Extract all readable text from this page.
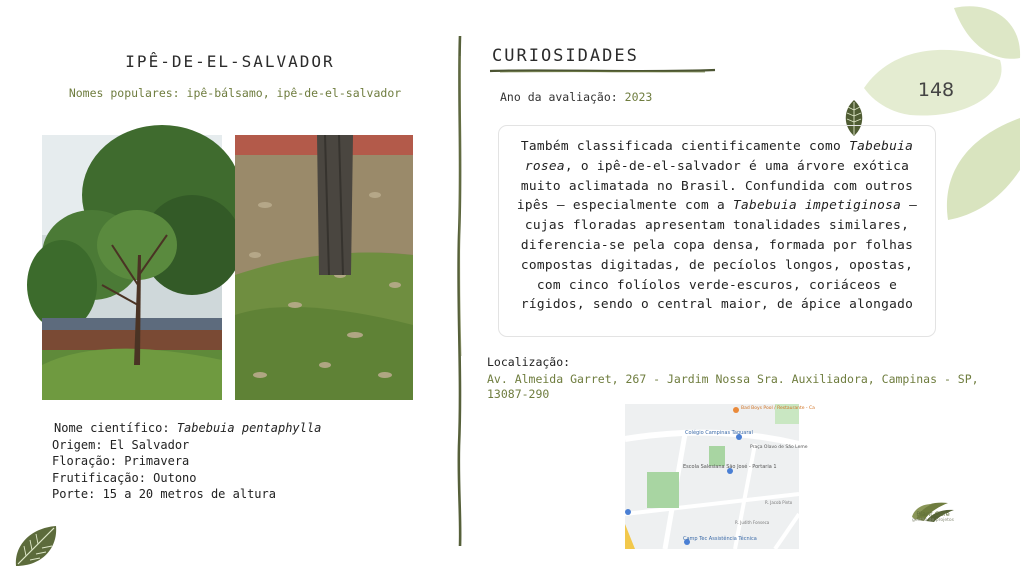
148
IPÊ-DE-EL-SALVADOR
Nomes populares: ipê-bálsamo, ipê-de-el-salvador
Nome científico: Tabebuia pentaphylla
Origem: El Salvador
Floração: Primavera
Frutificação: Outono
Porte: 15 a 20 metros de altura
CURIOSIDADES
Ano da avaliação: 2023
Também classificada cientificamente como Tabebuia rosea, o ipê-de-el-salvador é uma árvore exótica muito aclimatada no Brasil. Confundida com outros ipês – especialmente com a Tabebuia impetiginosa – cujas floradas apresentam tonalidades similares, diferencia-se pela copa densa, formada por folhas compostas digitadas, de pecíolos longos, opostas, com cinco folíolos verde-escuros, coriáceos e rígidos, sendo o central maior, de ápice alongado
Localização:
Av. Almeida Garret, 267 - Jardim Nossa Sra. Auxiliadora, Campinas - SP, 13087-290
Bad Boys Pool / Restaurante - Ca
Colégio Campinas Taquaral
Praça Olavo de São Leme
Escola Salesiana São José - Portaria 1
R. Jacob Pinto
R. Judith Fonseca
Camp Tec Assistência Técnica
Plant Care
gestão de projetos
